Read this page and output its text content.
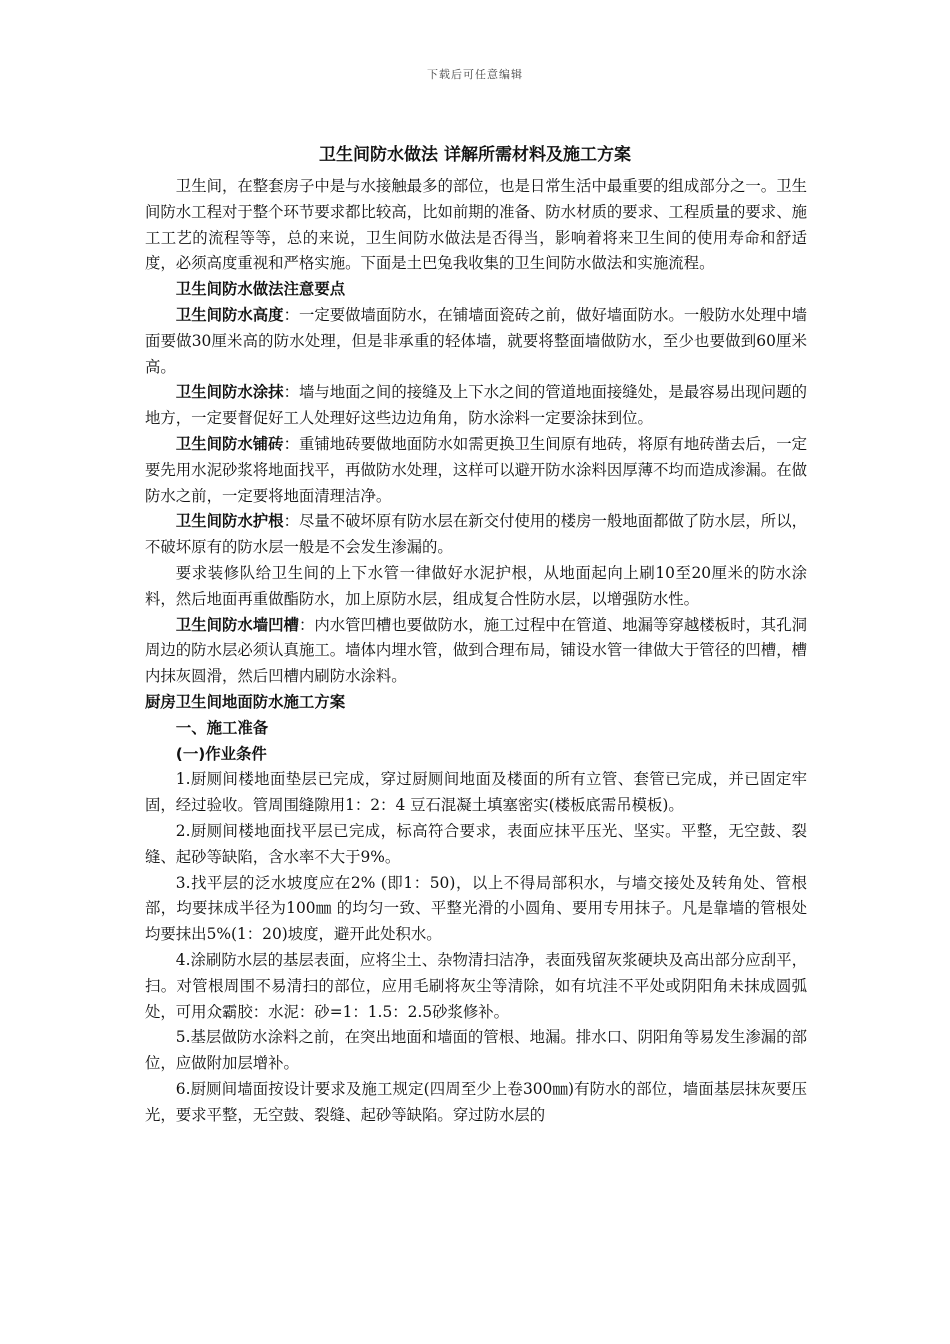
下载后可任意编辑
卫生间防水做法 详解所需材料及施工方案

卫生间，在整套房子中是与水接触最多的部位，也是日常生活中最重要的组成部分之一。卫生间防水工程对于整个环节要求都比较高，比如前期的准备、防水材质的要求、工程质量的要求、施工工艺的流程等等，总的来说，卫生间防水做法是否得当，影响着将来卫生间的使用寿命和舒适度，必须高度重视和严格实施。下面是土巴兔我收集的卫生间防水做法和实施流程。

卫生间防水做法注意要点

卫生间防水高度：一定要做墙面防水，在铺墙面瓷砖之前，做好墙面防水。一般防水处理中墙面要做30厘米高的防水处理，但是非承重的轻体墙，就要将整面墙做防水，至少也要做到60厘米高。

卫生间防水涂抹：墙与地面之间的接缝及上下水之间的管道地面接缝处，是最容易出现问题的地方，一定要督促好工人处理好这些边边角角，防水涂料一定要涂抹到位。

卫生间防水铺砖：重铺地砖要做地面防水如需更换卫生间原有地砖，将原有地砖凿去后，一定要先用水泥砂浆将地面找平，再做防水处理，这样可以避开防水涂料因厚薄不均而造成渗漏。在做防水之前，一定要将地面清理洁净。

卫生间防水护根：尽量不破坏原有防水层在新交付使用的楼房一般地面都做了防水层，所以，不破坏原有的防水层一般是不会发生渗漏的。

要求装修队给卫生间的上下水管一律做好水泥护根，从地面起向上刷10至20厘米的防水涂料，然后地面再重做酯防水，加上原防水层，组成复合性防水层，以增强防水性。

卫生间防水墙凹槽：内水管凹槽也要做防水，施工过程中在管道、地漏等穿越楼板时，其孔洞周边的防水层必须认真施工。墙体内埋水管，做到合理布局，铺设水管一律做大于管径的凹槽，槽内抹灰圆滑，然后凹槽内刷防水涂料。

厨房卫生间地面防水施工方案

一、施工准备

(一)作业条件

1.厨厕间楼地面垫层已完成，穿过厨厕间地面及楼面的所有立管、套管已完成，并已固定牢固，经过验收。管周围缝隙用1：2：4 豆石混凝土填塞密实(楼板底需吊模板)。

2.厨厕间楼地面找平层已完成，标高符合要求，表面应抹平压光、坚实。平整，无空鼓、裂缝、起砂等缺陷，含水率不大于9%。

3.找平层的泛水坡度应在2% (即1：50)，以上不得局部积水，与墙交接处及转角处、管根部，均要抹成半径为100㎜ 的均匀一致、平整光滑的小圆角、要用专用抹子。凡是靠墙的管根处均要抹出5%(1：20)坡度，避开此处积水。

4.涂刷防水层的基层表面，应将尘土、杂物清扫洁净，表面残留灰浆硬块及高出部分应刮平，扫。对管根周围不易清扫的部位，应用毛刷将灰尘等清除，如有坑洼不平处或阴阳角未抹成圆弧处，可用众霸胶：水泥：砂=1：1.5：2.5砂浆修补。

5.基层做防水涂料之前，在突出地面和墙面的管根、地漏。排水口、阴阳角等易发生渗漏的部位，应做附加层增补。

6.厨厕间墙面按设计要求及施工规定(四周至少上卷300㎜)有防水的部位，墙面基层抹灰要压光，要求平整，无空鼓、裂缝、起砂等缺陷。穿过防水层的
